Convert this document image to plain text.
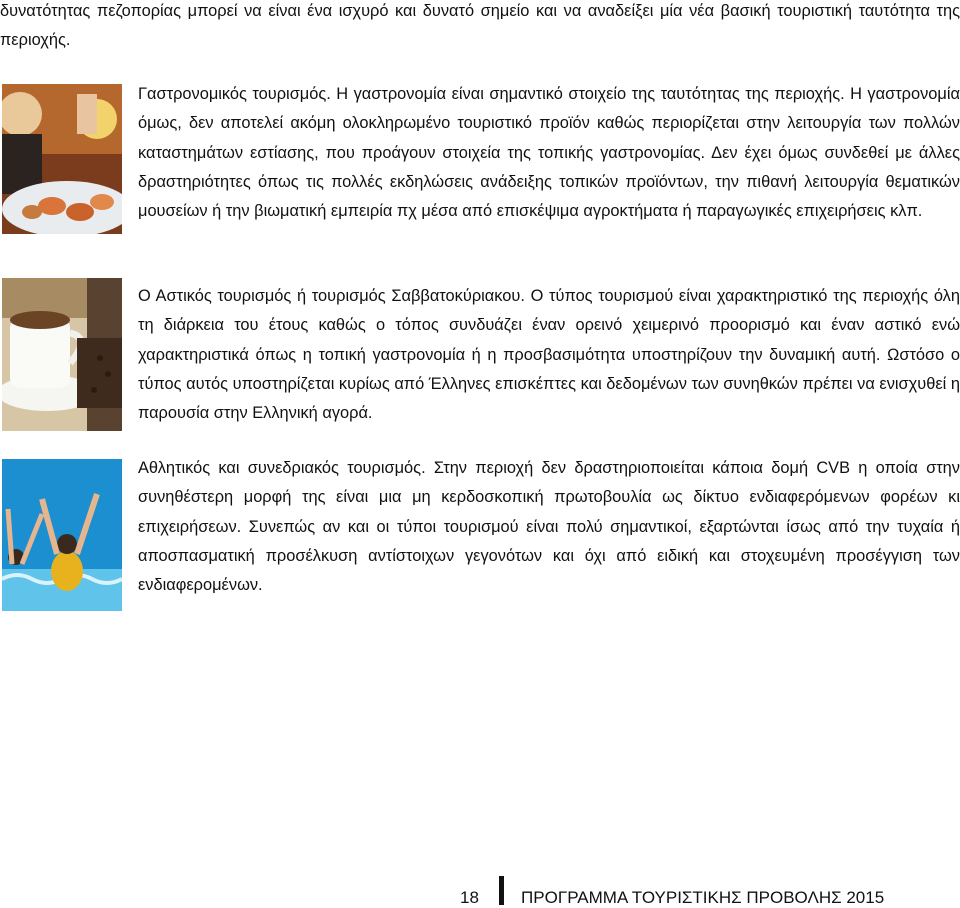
δυνατότητας πεζοπορίας μπορεί να είναι ένα ισχυρό και δυνατό σημείο και να αναδείξει μία νέα βασική τουριστική ταυτότητα της περιοχής.
Γαστρονομικός τουρισμός. Η γαστρονομία είναι σημαντικό στοιχείο της ταυτότητας της περιοχής. Η γαστρονομία όμως, δεν αποτελεί ακόμη ολοκληρωμένο τουριστικό προϊόν καθώς περιορίζεται στην λειτουργία των πολλών καταστημάτων εστίασης, που προάγουν στοιχεία της τοπικής γαστρονομίας. Δεν έχει όμως συνδεθεί με άλλες δραστηριότητες όπως τις πολλές εκδηλώσεις ανάδειξης τοπικών προϊόντων, την πιθανή λειτουργία θεματικών μουσείων ή την βιωματική εμπειρία πχ μέσα από επισκέψιμα αγροκτήματα ή παραγωγικές επιχειρήσεις κλπ.
Ο Αστικός τουρισμός ή τουρισμός Σαββατοκύριακου. Ο τύπος τουρισμού είναι χαρακτηριστικό της περιοχής όλη τη διάρκεια του έτους καθώς ο τόπος συνδυάζει έναν ορεινό χειμερινό προορισμό και έναν αστικό ενώ χαρακτηριστικά όπως η τοπική γαστρονομία ή η προσβασιμότητα υποστηρίζουν την δυναμική αυτή. Ωστόσο ο τύπος αυτός υποστηρίζεται κυρίως από Έλληνες επισκέπτες και δεδομένων των συνηθκών πρέπει να ενισχυθεί η παρουσία στην Ελληνική αγορά.
Αθλητικός και συνεδριακός τουρισμός. Στην περιοχή δεν δραστηριοποιείται κάποια δομή CVB η οποία στην συνηθέστερη μορφή της είναι μια μη κερδοσκοπική πρωτοβουλία ως δίκτυο ενδιαφερόμενων φορέων κι επιχειρήσεων. Συνεπώς αν και οι τύποι τουρισμού είναι πολύ σημαντικοί, εξαρτώνται ίσως από την τυχαία ή αποσπασματική προσέλκυση αντίστοιχων γεγονότων και όχι από ειδική και στοχευμένη προσέγγιση των ενδιαφερομένων.
18 ΠΡΟΓΡΑΜΜΑ ΤΟΥΡΙΣΤΙΚΗΣ ΠΡΟΒΟΛΗΣ 2015
